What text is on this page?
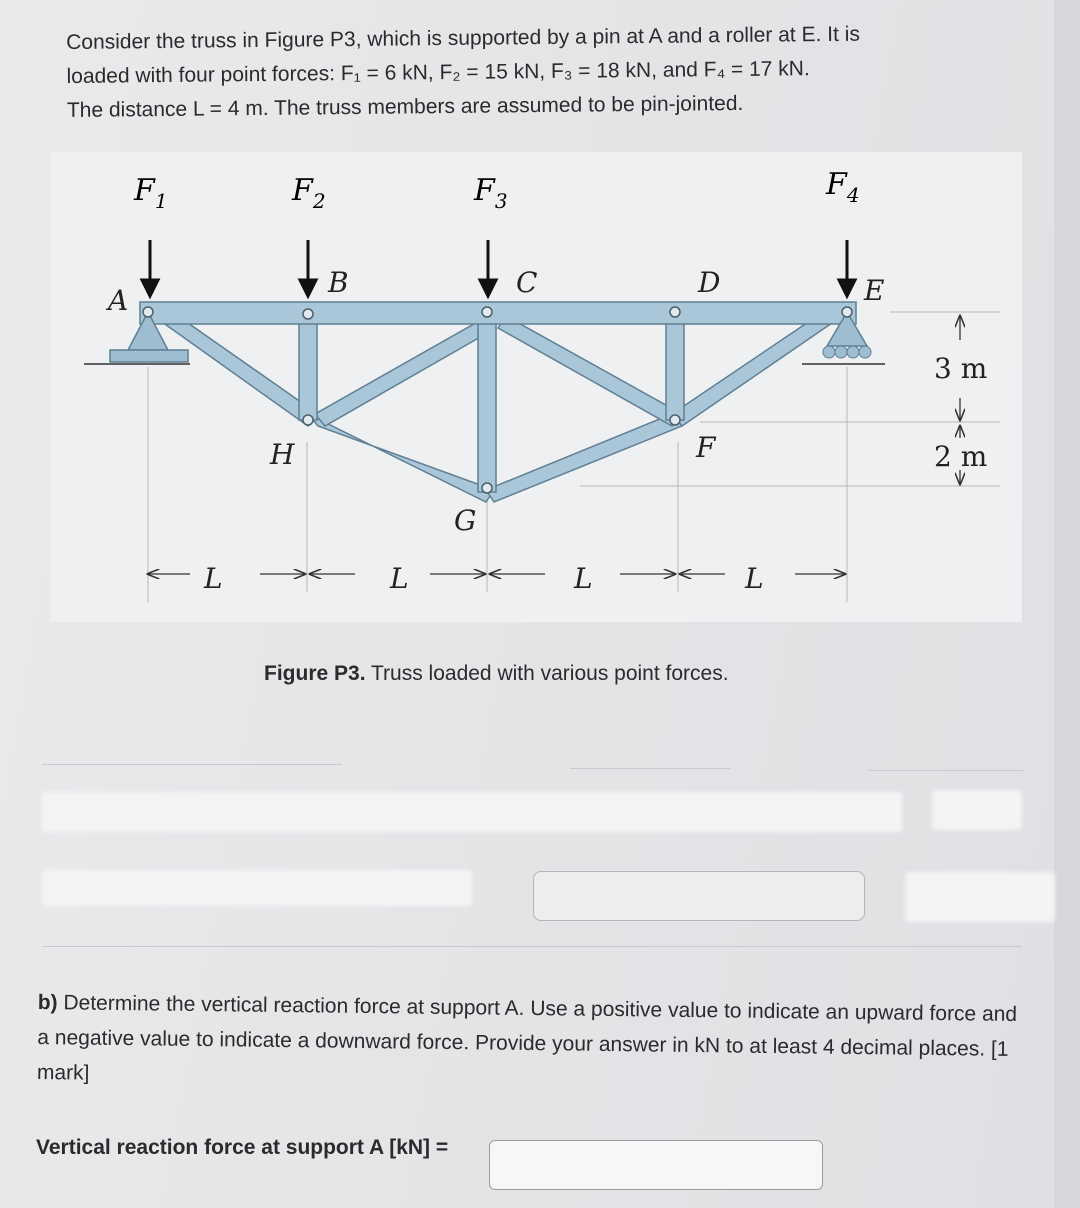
Consider the truss in Figure P3, which is supported by a pin at A and a roller at E. It is
loaded with four point forces: F₁ = 6 kN, F₂ = 15 kN, F₃ = 18 kN, and F₄ = 17 kN.
The distance L = 4 m. The truss members are assumed to be pin-jointed.
$F_1$	$F_2$	$F_3$	$F_4$
A
B	C	D	E
F
G
H
L	L	L	L
3 m
2 m
Figure P3. Truss loaded with various point forces.
b) Determine the vertical reaction force at support A. Use a positive value to indicate an upward force and a negative value to indicate a downward force. Provide your answer in kN to at least 4 decimal places. [1 mark]
Vertical reaction force at support A [kN] =
